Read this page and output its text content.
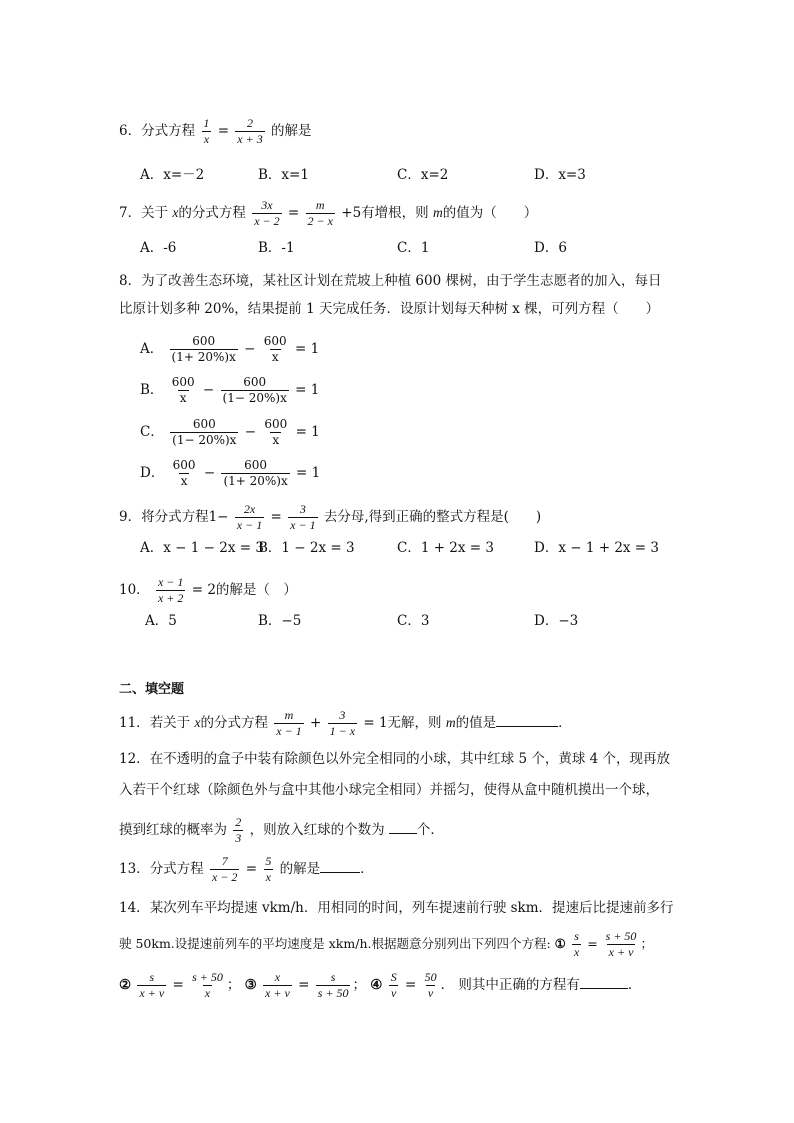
6．分式方程 $\frac{1}{x} = \frac{2}{x + 3}$ 的解是
A．x=－2	B．x=1	C．x=2	D．x=3
7．关于 x的分式方程 $\frac{3x}{x - 2} = \frac{m}{2 - x} +5$有增根，则 m的值为（　　）
A．-6	B．-1	C．1	D．6
8．为了改善生态环境，某社区计划在荒坡上种植 600 棵树，由于学生志愿者的加入，每日
比原计划多种 20%，结果提前 1 天完成任务．设原计划每天种树 x 棵，可列方程（　　）
A． $\frac{600}{(1+ 20\%)x} - \frac{600}{x} = 1$
B． $\frac{600}{x} - \frac{600}{(1- 20\%)x} = 1$
C． $\frac{600}{(1- 20\%)x} - \frac{600}{x} = 1$
D． $\frac{600}{x} - \frac{600}{(1+ 20\%)x} = 1$
9．将分式方程$1- \frac{2x}{x - 1} = \frac{3}{x - 1}$ 去分母,得到正确的整式方程是(　　)
A．x − 1 − 2x = 3
B．1 − 2x = 3	C．1 + 2x = 3	D．x − 1 + 2x = 3
10． $\frac{x - 1}{x + 2} = 2$的解是（　）
A．5	B．−5	C．3	D．−3
二、填空题
11．若关于 x的分式方程 $\frac{m}{x - 1} + \frac{3}{1 - x} = 1$无解，则 m的值是	．
12．在不透明的盒子中装有除颜色以外完全相同的小球，其中红球 5 个，黄球 4 个，现再放
入若干个红球（除颜色外与盒中其他小球完全相同）并摇匀，使得从盒中随机摸出一个球，
摸到红球的概率为 $\frac{2}{3}$ ，则放入红球的个数为 个．
13．分式方程 $\frac{7}{x - 2} = \frac{5}{x}$ 的解是	．
14．某次列车平均提速 vkm/h．用相同的时间，列车提速前行驶 skm．提速后比提速前多行
驶 50km.设提速前列车的平均速度是 xkm/h.根据题意分别列出下列四个方程: ① $\frac{s}{x} = \frac{s + 50}{x + v}$ ；
② $\frac{s}{x + v} = \frac{s + 50}{x}$ ； ③ $\frac{x}{x + v} = \frac{s}{s + 50}$ ； ④ $\frac{S}{v} = \frac{50}{v}$ ． 则其中正确的方程有	．
